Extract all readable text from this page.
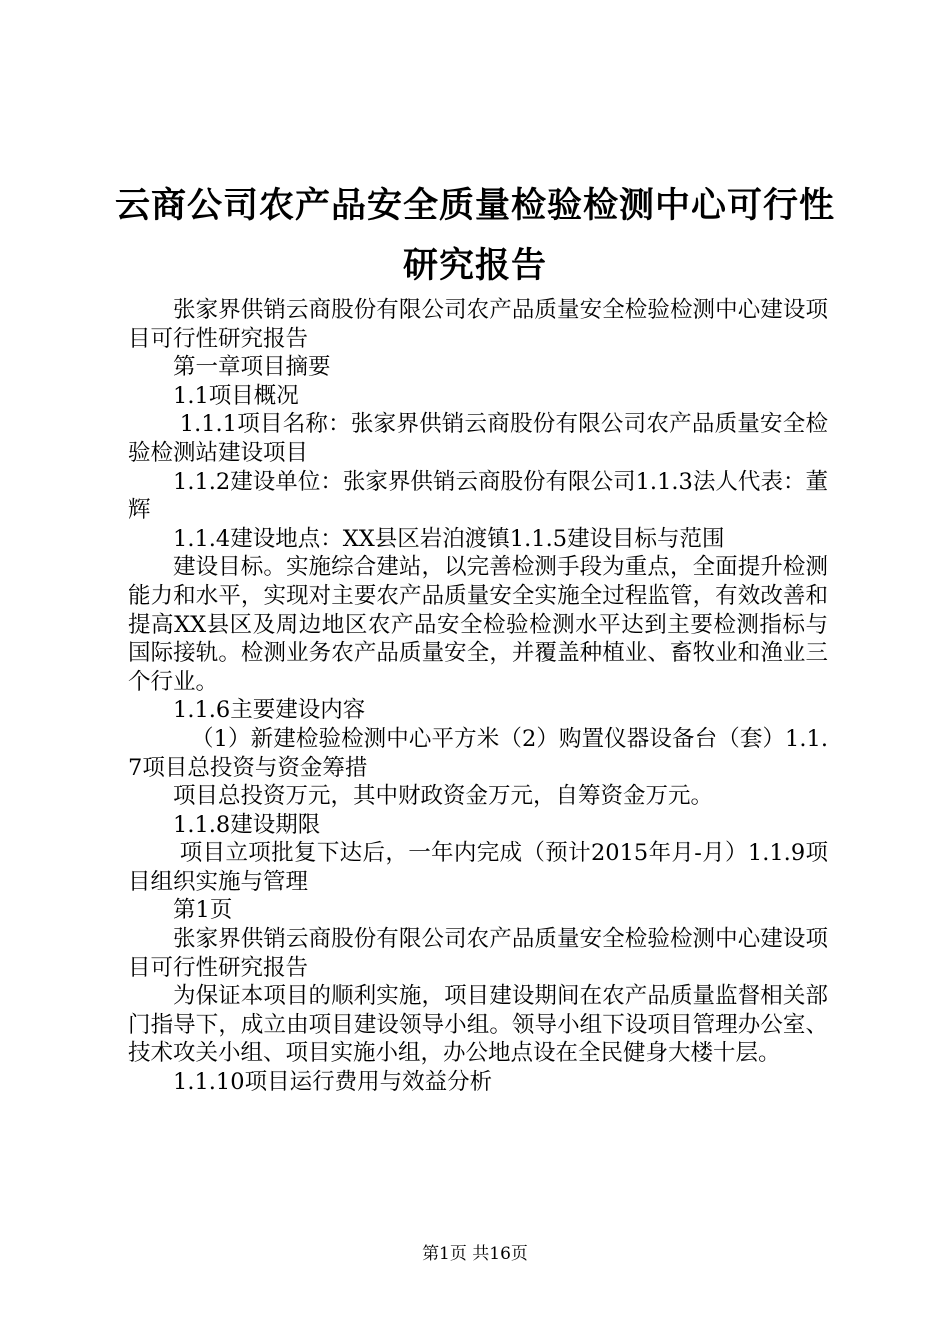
云商公司农产品安全质量检验检测中心可行性
研究报告

张家界供销云商股份有限公司农产品质量安全检验检测中心建设项目可行性研究报告

第一章项目摘要

1.1项目概况

1.1.1项目名称：张家界供销云商股份有限公司农产品质量安全检验检测站建设项目

1.1.2建设单位：张家界供销云商股份有限公司1.1.3法人代表：董辉

1.1.4建设地点：XX县区岩泊渡镇1.1.5建设目标与范围

建设目标。实施综合建站，以完善检测手段为重点，全面提升检测能力和水平，实现对主要农产品质量安全实施全过程监管，有效改善和提高XX县区及周边地区农产品安全检验检测水平达到主要检测指标与国际接轨。检测业务农产品质量安全，并覆盖种植业、畜牧业和渔业三个行业。

1.1.6主要建设内容

（1）新建检验检测中心平方米（2）购置仪器设备台（套）1.1.7项目总投资与资金筹措

项目总投资万元，其中财政资金万元，自筹资金万元。

1.1.8建设期限

项目立项批复下达后，一年内完成（预计2015年月-月）1.1.9项目组织实施与管理

第1页

张家界供销云商股份有限公司农产品质量安全检验检测中心建设项目可行性研究报告

为保证本项目的顺利实施，项目建设期间在农产品质量监督相关部门指导下，成立由项目建设领导小组。领导小组下设项目管理办公室、技术攻关小组、项目实施小组，办公地点设在全民健身大楼十层。

1.1.10项目运行费用与效益分析

第1页 共16页
